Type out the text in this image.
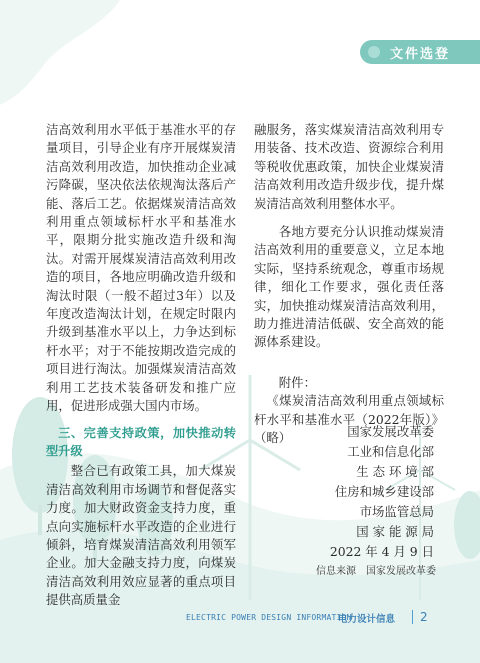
文件选登

洁高效利用水平低于基准水平的存量项目，引导企业有序开展煤炭清洁高效利用改造，加快推动企业减污降碳，坚决依法依规淘汰落后产能、落后工艺。依据煤炭清洁高效利用重点领域标杆水平和基准水平，限期分批实施改造升级和淘汰。对需开展煤炭清洁高效利用改造的项目，各地应明确改造升级和淘汰时限（一般不超过3年）以及年度改造淘汰计划，在规定时限内升级到基准水平以上，力争达到标杆水平；对于不能按期改造完成的项目进行淘汰。加强煤炭清洁高效利用工艺技术装备研发和推广应用，促进形成强大国内市场。

三、完善支持政策，加快推动转型升级

整合已有政策工具，加大煤炭清洁高效利用市场调节和督促落实力度。加大财政资金支持力度，重点向实施标杆水平改造的企业进行倾斜，培育煤炭清洁高效利用领军企业。加大金融支持力度，向煤炭清洁高效利用效应显著的重点项目提供高质量金

融服务，落实煤炭清洁高效利用专用装备、技术改造、资源综合利用等税收优惠政策，加快企业煤炭清洁高效利用改造升级步伐，提升煤炭清洁高效利用整体水平。

各地方要充分认识推动煤炭清洁高效利用的重要意义，立足本地实际，坚持系统观念，尊重市场规律，细化工作要求，强化责任落实，加快推动煤炭清洁高效利用，助力推进清洁低碳、安全高效的能源体系建设。

附件：

《煤炭清洁高效利用重点领域标杆水平和基准水平（2022年版）》（略）	国家发展改革委

工业和信息化部

生 态 环 境 部

住房和城乡建设部

市场监管总局

国 家 能 源 局

2022 年 4 月 9 日

信息来源　国家发展改革委
ELECTRIC POWER DESIGN INFORMATION
电力设计信息 2
